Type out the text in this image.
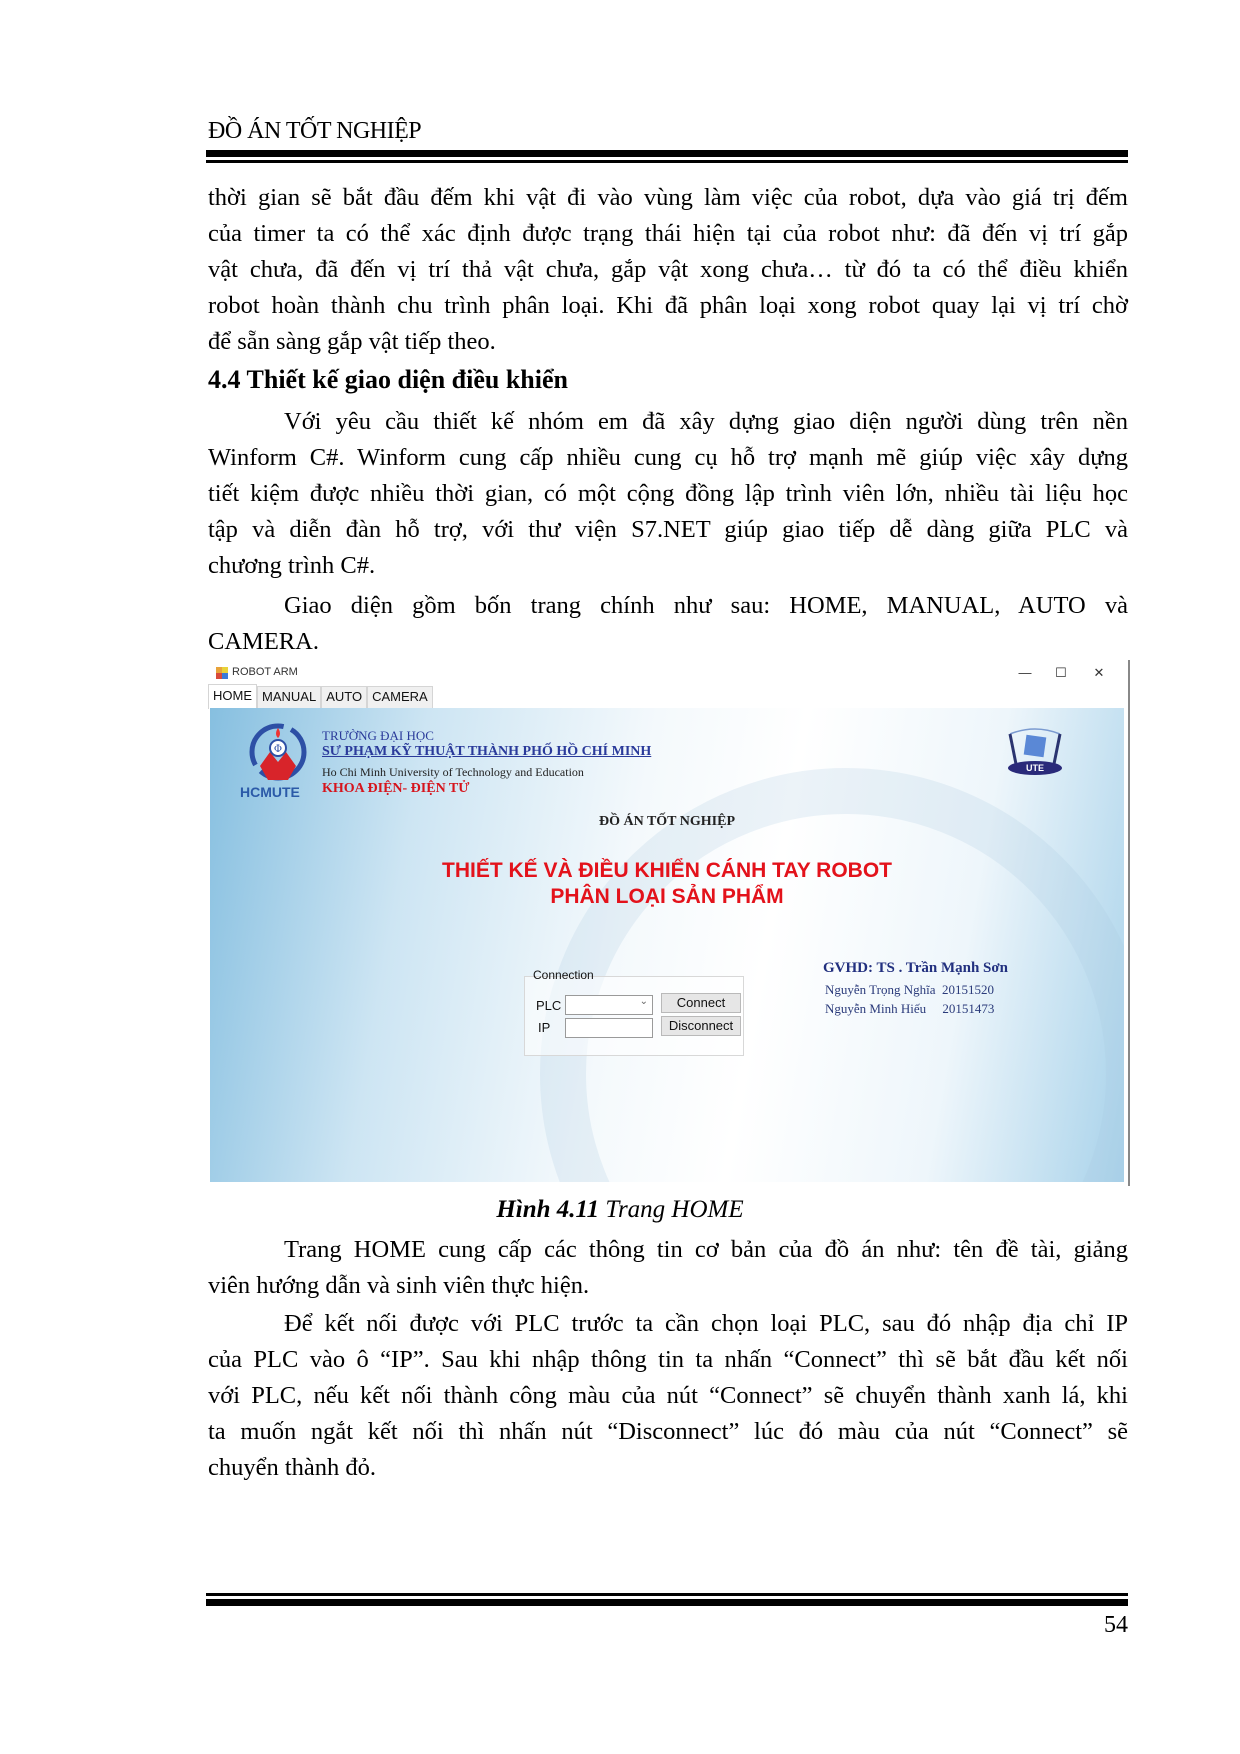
ĐỒ ÁN TỐT NGHIỆP
thời gian sẽ bắt đầu đếm khi vật đi vào vùng làm việc của robot, dựa vào giá trị đếm
của timer ta có thể xác định được trạng thái hiện tại của robot như: đã đến vị trí gắp
vật chưa, đã đến vị trí thả vật chưa, gắp vật xong chưa… từ đó ta có thể điều khiển
robot hoàn thành chu trình phân loại. Khi đã phân loại xong robot quay lại vị trí chờ
để sẵn sàng gắp vật tiếp theo.
4.4 Thiết kế giao diện điều khiển
Với yêu cầu thiết kế nhóm em đã xây dựng giao diện người dùng trên nền
Winform C#. Winform cung cấp nhiều cung cụ hỗ trợ mạnh mẽ giúp việc xây dựng
tiết kiệm được nhiều thời gian, có một cộng đồng lập trình viên lớn, nhiều tài liệu học
tập và diễn đàn hỗ trợ, với thư viện S7.NET giúp giao tiếp dễ dàng giữa PLC và
chương trình C#.
Giao diện gồm bốn trang chính như sau: HOME, MANUAL, AUTO và
CAMERA.
ROBOT ARM	—	☐	✕
HOME MANUAL AUTO CAMERA
Φ
HCMUTE
TRƯỜNG ĐẠI HỌC
SƯ PHẠM KỸ THUẬT THÀNH PHỐ HỒ CHÍ MINH
Ho Chi Minh University of Technology and Education
KHOA ĐIỆN- ĐIỆN TỬ
UTE
ĐỒ ÁN TỐT NGHIỆP
THIẾT KẾ VÀ ĐIỀU KHIỂN CÁNH TAY ROBOT
PHÂN LOẠI SẢN PHẨM
GVHD: TS . Trần Mạnh Sơn
Nguyễn Trọng Nghĩa 20151520
Nguyễn Minh Hiếu 20151473
Connection
PLC	⌄
IP
Connect
Disconnect
Hình 4.11 Trang HOME
Trang HOME cung cấp các thông tin cơ bản của đồ án như: tên đề tài, giảng
viên hướng dẫn và sinh viên thực hiện.
Để kết nối được với PLC trước ta cần chọn loại PLC, sau đó nhập địa chỉ IP
của PLC vào ô “IP”. Sau khi nhập thông tin ta nhấn “Connect” thì sẽ bắt đầu kết nối
với PLC, nếu kết nối thành công màu của nút “Connect” sẽ chuyển thành xanh lá, khi
ta muốn ngắt kết nối thì nhấn nút “Disconnect” lúc đó màu của nút “Connect” sẽ
chuyển thành đỏ.
54
